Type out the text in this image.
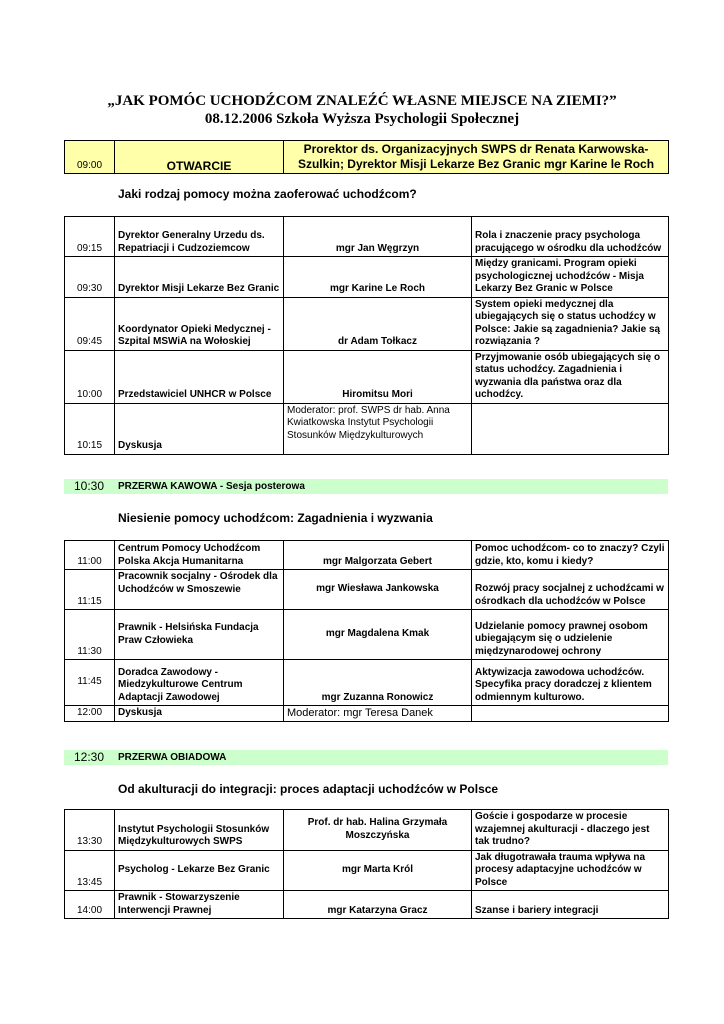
„JAK POMÓC UCHODŹCOM ZNALEŹĆ WŁASNE MIEJSCE NA ZIEMI?”
08.12.2006 Szkoła Wyższa Psychologii Społecznej
09:00	OTWARCIE	Prorektor ds. Organizacyjnych SWPS dr Renata Karwowska-Szulkin; Dyrektor Misji Lekarze Bez Granic mgr Karine le Roch
Jaki rodzaj pomocy można zaoferować uchodźcom?
09:15	Dyrektor Generalny Urzedu ds. Repatriacji i Cudzoziemcow	mgr Jan Węgrzyn	Rola i znaczenie pracy psychologa pracującego w ośrodku dla uchodźców
09:30	Dyrektor Misji Lekarze Bez Granic	mgr Karine Le Roch	Między granicami. Program opieki psychologicznej uchodźców - Misja Lekarzy Bez Granic w Polsce
09:45	Koordynator Opieki Medycznej - Szpital MSWiA na Wołoskiej	dr Adam Tołkacz	System opieki medycznej dla ubiegających się o status uchodźcy w Polsce: Jakie są zagadnienia? Jakie są rozwiązania ?
10:00	Przedstawiciel UNHCR w Polsce	Hiromitsu Mori	Przyjmowanie osób ubiegających się o status uchodźcy. Zagadnienia i wyzwania dla państwa oraz dla uchodźcy.
10:15	Dyskusja	Moderator: prof. SWPS dr hab. Anna Kwiatkowska Instytut Psychologii Stosunków Międzykulturowych	
10:30	PRZERWA KAWOWA - Sesja posterowa
Niesienie pomocy uchodźcom: Zagadnienia i wyzwania
11:00	Centrum Pomocy Uchodźcom Polska Akcja Humanitarna	mgr Malgorzata Gebert	Pomoc uchodźcom- co to znaczy? Czyli gdzie, kto, komu i kiedy?
11:15	Pracownik socjalny - Ośrodek dla Uchodźców w Smoszewie	mgr Wiesława Jankowska	Rozwój pracy socjalnej z uchodźcami w ośrodkach dla uchodźców w Polsce
11:30	Prawnik - Helsińska Fundacja Praw Człowieka	mgr Magdalena Kmak	Udzielanie pomocy prawnej osobom ubiegającym się o udzielenie międzynarodowej ochrony
11:45	Doradca Zawodowy - Miedzykulturowe Centrum Adaptacji Zawodowej	mgr Zuzanna Ronowicz	Aktywizacja zawodowa uchodźców. Specyfika pracy doradczej z klientem odmiennym kulturowo.
12:00	Dyskusja	Moderator: mgr Teresa Danek	
12:30	PRZERWA OBIADOWA
Od akulturacji do integracji: proces adaptacji uchodźców w Polsce
13:30	Instytut Psychologii Stosunków Międzykulturowych SWPS	Prof. dr hab. Halina Grzymała Moszczyńska	Goście i gospodarze w procesie wzajemnej akulturacji - dlaczego jest tak trudno?
13:45	Psycholog - Lekarze Bez Granic	mgr Marta Król	Jak długotrawała trauma wpływa na procesy adaptacyjne uchodźców w Polsce
14:00	Prawnik - Stowarzyszenie Interwencji Prawnej	mgr Katarzyna Gracz	Szanse i bariery integracji
